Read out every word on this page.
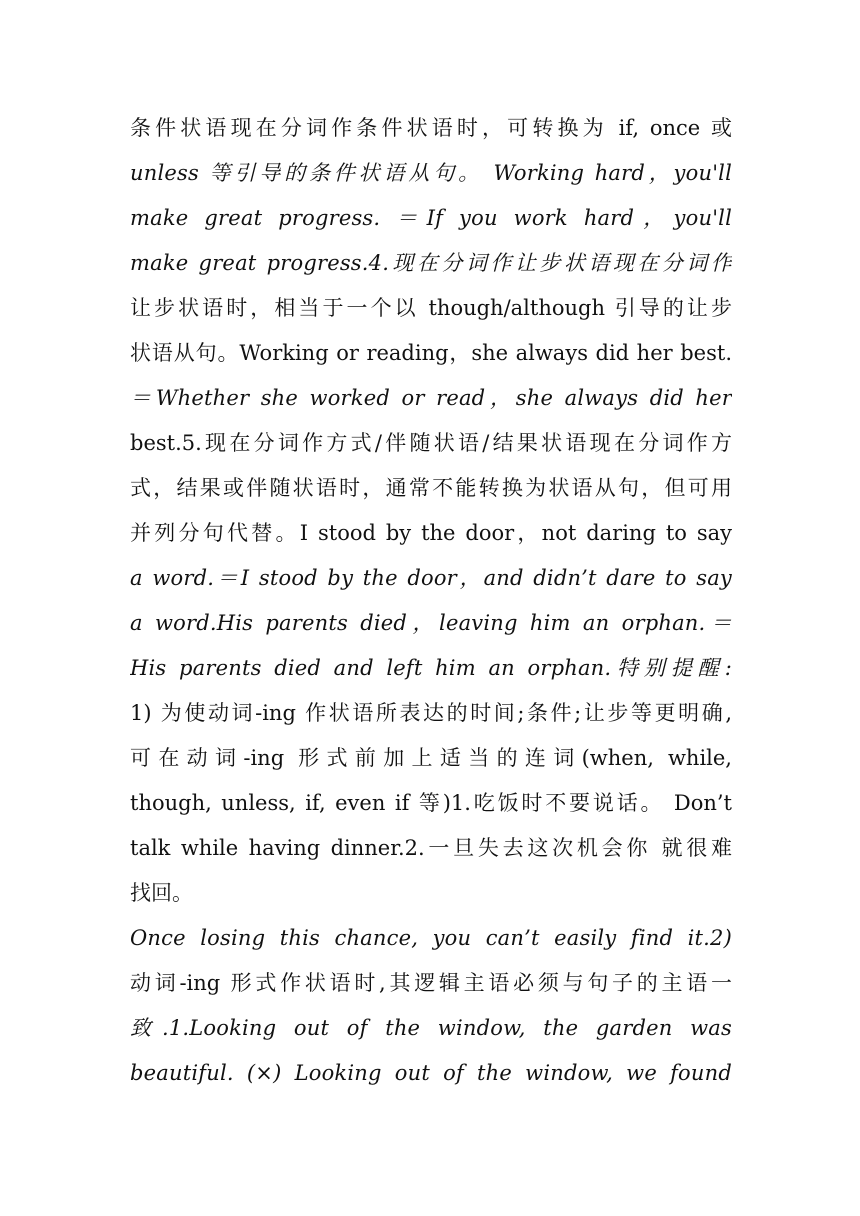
条件状语现在分词作条件状语时，可转换为 if, once 或
unless 等引导的条件状语从句。 Working hard，you'll
make great progress. ＝If you work hard，you'll
make great progress.4.现在分词作让步状语现在分词作
让步状语时，相当于一个以 though/although 引导的让步
状语从句。Working or reading，she always did her best.
＝Whether she worked or read，she always did her
best.5.现在分词作方式/伴随状语/结果状语现在分词作方
式，结果或伴随状语时，通常不能转换为状语从句，但可用
并列分句代替。I stood by the door，not daring to say
a word.＝I stood by the door，and didn’t dare to say
a word.His parents died，leaving him an orphan.＝
His parents died and left him an orphan.特别提醒:
1) 为使动词-ing 作状语所表达的时间;条件;让步等更明确,
可在动词-ing 形式前加上适当的连词(when, while,
though, unless, if, even if 等)1.吃饭时不要说话。 Don’t
talk while having dinner.2.一旦失去这次机会你 就很难
找回。
Once losing this chance, you can’t easily find it.2)
动词-ing 形式作状语时,其逻辑主语必须与句子的主语一
致.1.Looking out of the window, the garden was
beautiful. (×) Looking out of the window, we found
